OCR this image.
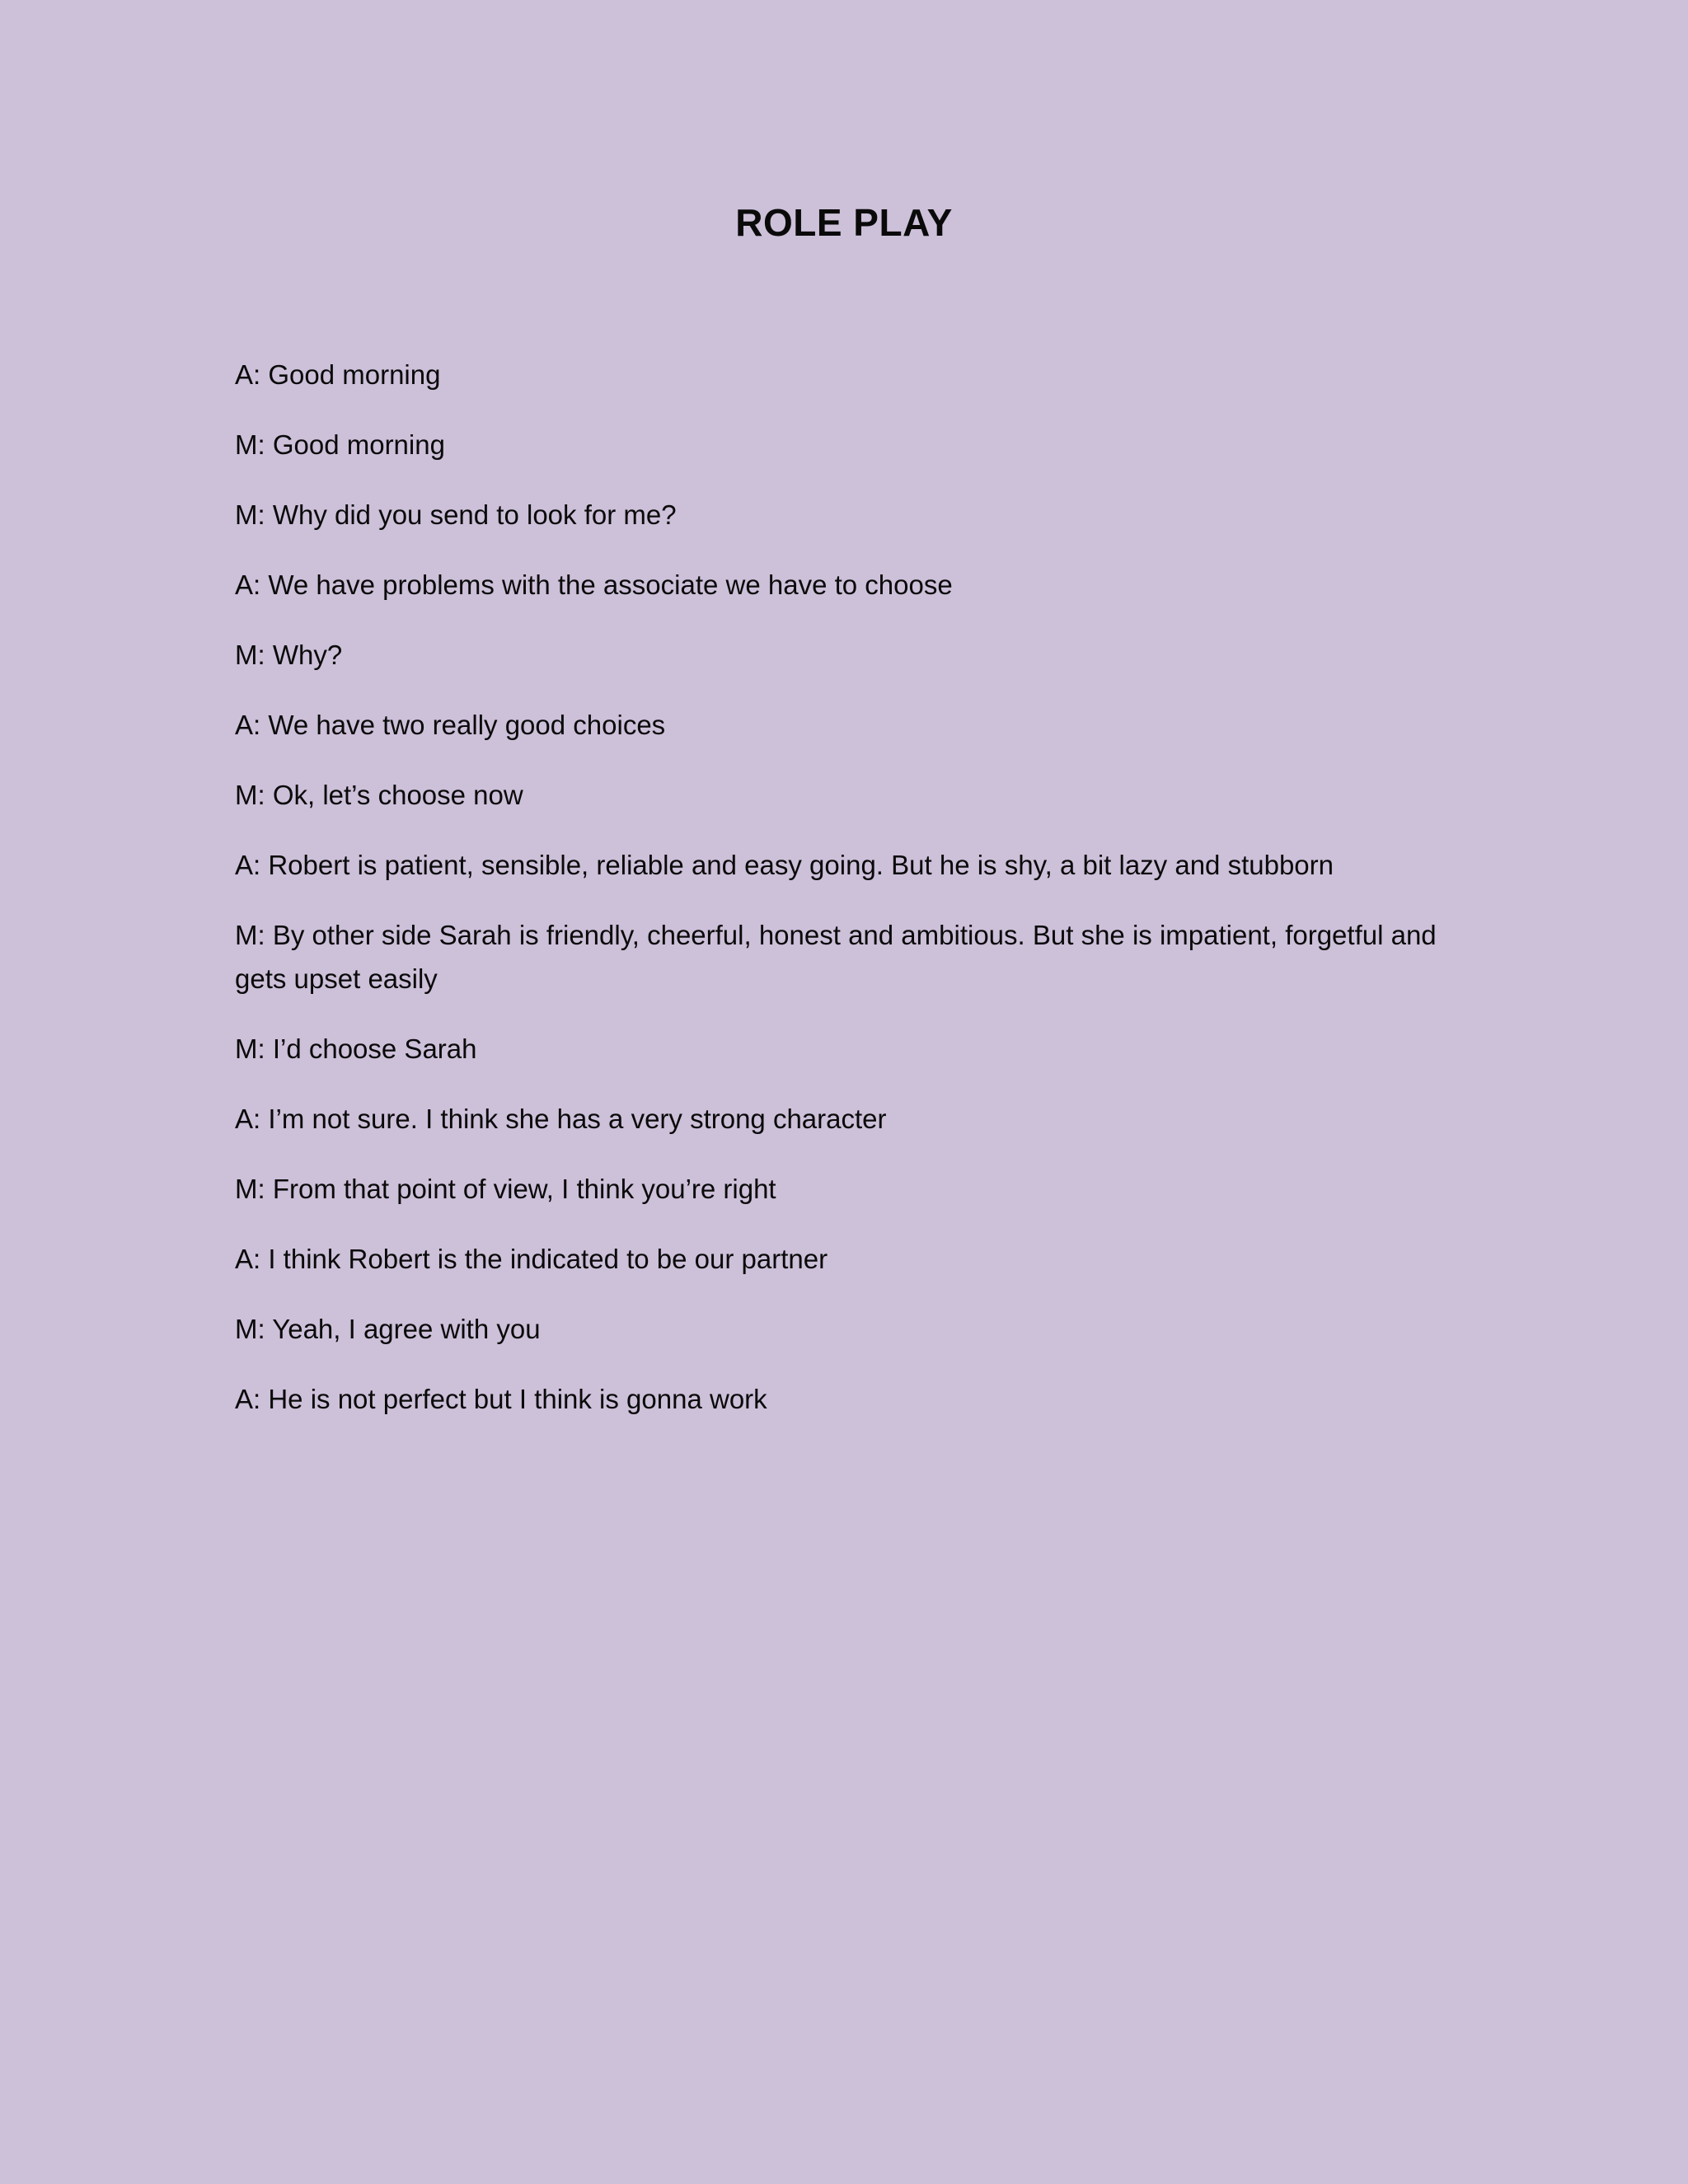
ROLE PLAY

A: Good morning

M: Good morning

M: Why did you send to look for me?

A: We have problems with the associate we have to choose

M: Why?

A: We have two really good choices

M: Ok, let’s choose now

A: Robert is patient, sensible, reliable and easy going. But he is shy, a bit lazy and stubborn

M: By other side Sarah is friendly, cheerful, honest and ambitious. But she is impatient, forgetful and gets upset easily

M: I’d choose Sarah

A: I’m not sure. I think she has a very strong character

M: From that point of view, I think you’re right

A: I think Robert is the indicated to be our partner

M: Yeah, I agree with you

A: He is not perfect but I think is gonna work
